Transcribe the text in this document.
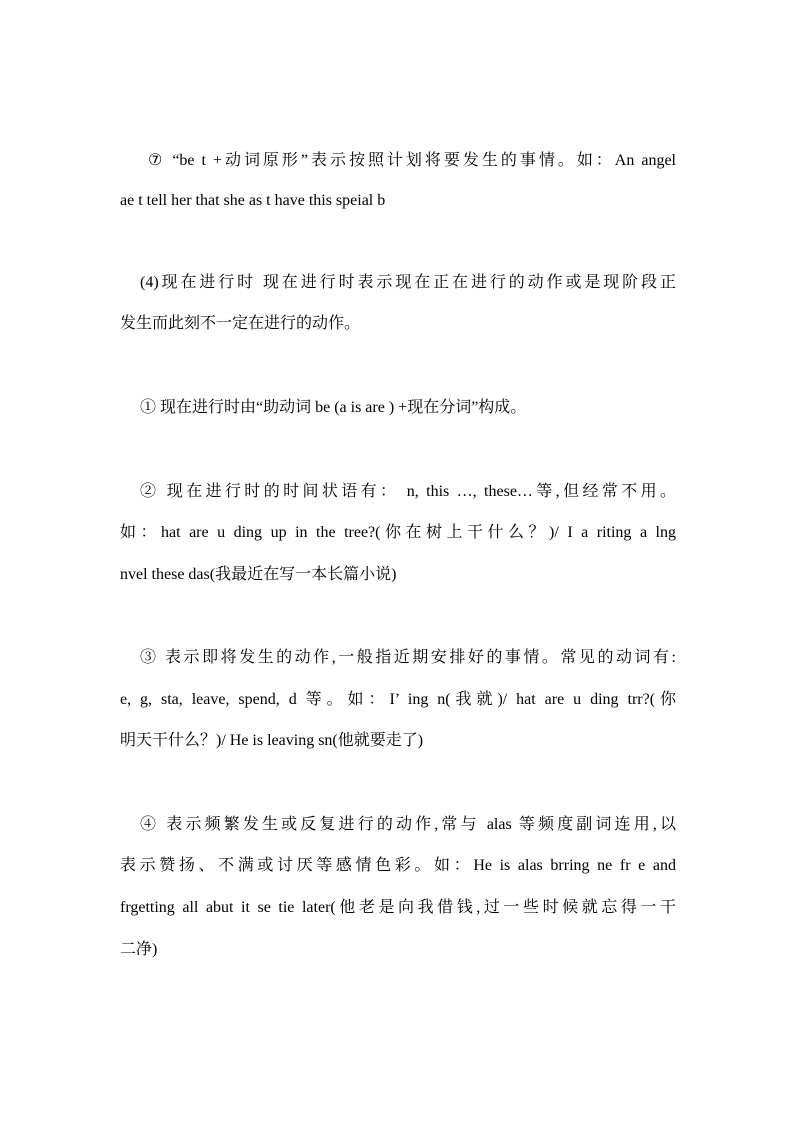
⑦ “be t +动词原形”表示按照计划将要发生的事情。如：An angel
ae t tell her that she as t have this speial b
(4)现在进行时 现在进行时表示现在正在进行的动作或是现阶段正
发生而此刻不一定在进行的动作。
① 现在进行时由“助动词 be (a is are ) +现在分词”构成。
② 现在进行时的时间状语有： n, this …, these…等,但经常不用。
如：hat are u ding up in the tree?(你在树上干什么？)/ I a riting a lng
nvel these das(我最近在写一本长篇小说)
③ 表示即将发生的动作,一般指近期安排好的事情。常见的动词有:
e, g, sta, leave, spend, d 等。如：I’ ing n(我就)/ hat are u ding trr?(你
明天干什么？)/ He is leaving sn(他就要走了)
④ 表示频繁发生或反复进行的动作,常与 alas 等频度副词连用,以
表示赞扬、不满或讨厌等感情色彩。如：He is alas brring ne fr e and
frgetting all abut it se tie later(他老是向我借钱,过一些时候就忘得一干
二净)
